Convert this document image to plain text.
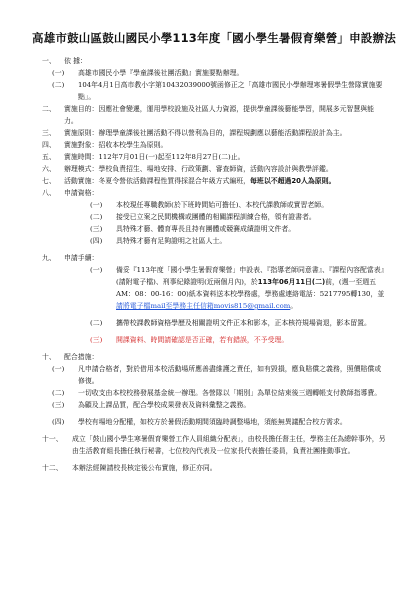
高雄市鼓山區鼓山國民小學113年度「國小學生暑假育樂營」申設辦法
一、	依 據：
(一)	高雄市國民小學『學童課後社團活動』實施要點辦理。
(二)	104年4月1日高市教小字第10432039000號函修正之「高雄市國民小學辦理寒暑假學生營隊實施要點」。
二、	實施目的：因應社會變遷，運用學校設施及社區人力資源，提供學童課後藝能學習，開展多元智慧與能力。
三、	實施原則：辦理學童課後社團活動不得以營利為目的，課程規劃應以藝能活動課程設計為主。
四、	實施對象：招收本校學生為原則。
五、	實施時間：112年7月01日(一)起至112年8月27日(二)止。
六、	辦理模式：學校負責招生、場地安排、行政策劃、審查師資，活動內容設計與教學評鑑。
七、	活動實施：冬夏令營依活動課程性質得採混合年級方式編班，每班以不超過20人為原則。
八、	申請資格：
(一)	本校現任專職教師(於下班時間始可擔任)、本校代課教師或實習老師。
(二)	接受已立案之民間機構或團體的相關課程訓練合格，領有證書者。
(三)	具特殊才藝、體育專長且持有團體或競賽成績證明文件者。
(四)	具特殊才藝有足夠證明之社區人士。
九、	申請手續：
(一)	備妥『113年度「國小學生暑假育樂營」申設表、『指導老師同意書』、『課程內容配當表』(請附電子檔)、刑事紀錄證明(近兩個月內)，於113年06月11日(二)前，(週一至週五AM：08：00-16：00)紙本資料送本校學務處，學務處連絡電話：5217795轉130，並請將電子檔mail至學務主任信箱movis815@gmail.com。
(二)	攜帶校課教師資格學歷及相關證明文件正本和影本，正本核符規場資退，影本留置。
(三)	開課資料、時間請確認是否正確，若有錯誤，不予受理。
十、	配合措施：
(一)	凡申請合格者，對於借用本校活動場所應善盡維護之責任，如有毀損，應負賠償之義務，照價賠償或修復。
(二)	一切收支由本校校務發展基金統一辦理。各營隊以「期別」為單位結束後三週轉帳支付教師指導費。
(三)	為顧及上課品質，配合學校成果發表及資料彙整之義務。
(四)	學校有場地分配權，如校方於暑假活動期間須臨時調整場地，須能無異議配合校方需求。
十一、	成立「鼓山國小學生寒暑假育樂營工作人員組織分配表」，由校長擔任督主任，學務主任為總幹事外，另由生活教育組長擔任執行秘書，七位校內代表及一位家長代表擔任委員，負責社團推動事宜。
十二、	本辦法經陳請校長核定後公布實施，修正亦同。
